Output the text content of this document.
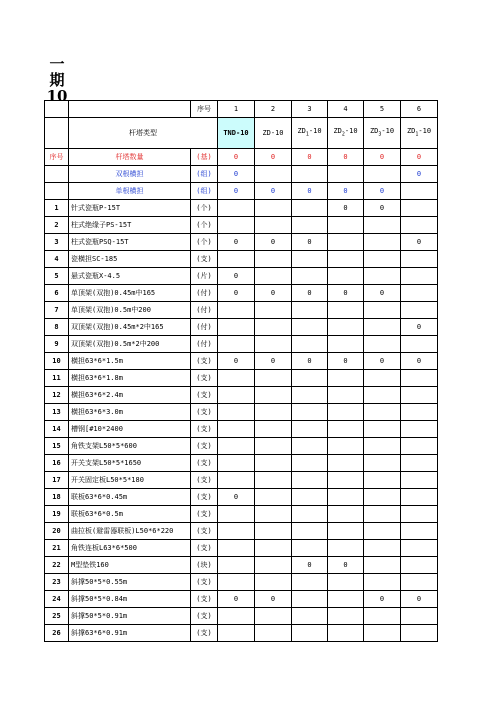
一
期
10
		序号	1	2	3	4	5	6
	杆塔类型		TND-10	ZD-10	$ZD_1-10$	$ZD_2-10$	$ZD_3-10$	$ZD_1-10$
序号	杆塔数量	(基)	0	0	0	0	0	0
	双根横担	(组)	0					0
	单根横担	(组)	0	0	0	0	0	
1	针式瓷瓶P-15T	(个)				0	0	
2	柱式绝缘子PS-15T	(个)						
3	柱式瓷瓶PSQ-15T	(个)	0	0	0			0
4	瓷横担SC-185	(支)						
5	悬式瓷瓶X-4.5	(片)	0					
6	单顶架(双抱)0.45m中165	(付)	0	0	0	0	0	
7	单顶架(双抱)0.5m中200	(付)						
8	双顶架(双抱)0.45m*2中165	(付)						0
9	双顶架(双抱)0.5m*2中200	(付)						
10	横担63*6*1.5m	(支)	0	0	0	0	0	0
11	横担63*6*1.8m	(支)						
12	横担63*6*2.4m	(支)						
13	横担63*6*3.0m	(支)						
14	槽钢[#10*2400	(支)						
15	角铁支架L50*5*600	(支)						
16	开关支架L50*5*1650	(支)						
17	开关固定板L50*5*180	(支)						
18	联板63*6*0.45m	(支)	0					
19	联板63*6*0.5m	(支)						
20	曲拉板(避雷器联板)L50*6*220	(支)						
21	角铁连板L63*6*500	(支)						
22	M型垫铁160	(块)			0	0		
23	斜撑50*5*0.55m	(支)						
24	斜撑50*5*0.84m	(支)	0	0			0	0
25	斜撑50*5*0.91m	(支)						
26	斜撑63*6*0.91m	(支)						
